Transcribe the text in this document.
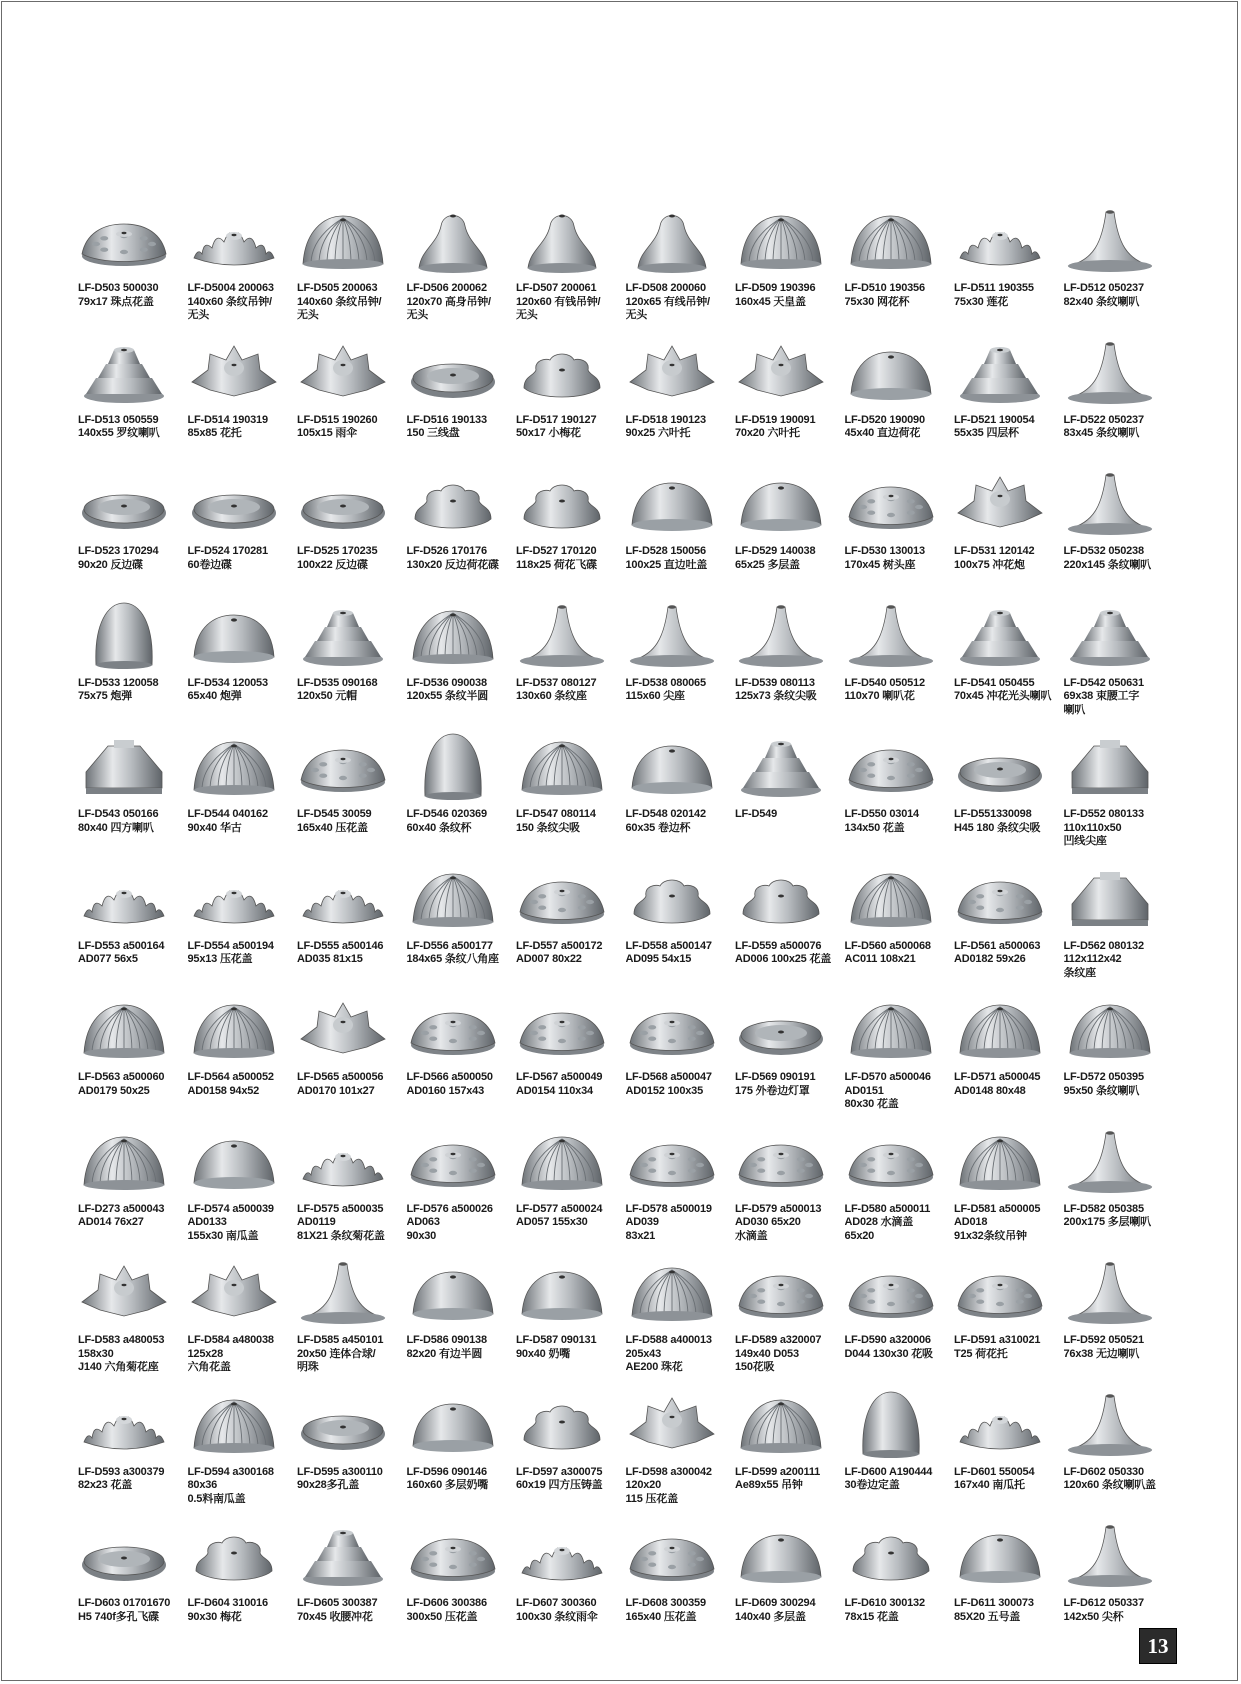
LF-D503 500030
79x17 珠点花盖
LF-D5004 200063
140x60 条纹吊钟/
无头
LF-D505 200063
140x60 条纹吊钟/
无头
LF-D506 200062
120x70 高身吊钟/
无头
LF-D507 200061
120x60 有钱吊钟/
无头
LF-D508 200060
120x65 有线吊钟/
无头
LF-D509 190396
160x45 天皇盖
LF-D510 190356
75x30 网花杯
LF-D511 190355
75x30 莲花
LF-D512 050237
82x40 条纹喇叭
LF-D513 050559
140x55 罗纹喇叭
LF-D514 190319
85x85 花托
LF-D515 190260
105x15 雨伞
LF-D516 190133
150 三线盘
LF-D517 190127
50x17 小梅花
LF-D518 190123
90x25 六叶托
LF-D519 190091
70x20 六叶托
LF-D520 190090
45x40 直边荷花
LF-D521 190054
55x35 四层杯
LF-D522 050237
83x45 条纹喇叭
LF-D523 170294
90x20 反边碟
LF-D524 170281
60卷边碟
LF-D525 170235
100x22 反边碟
LF-D526 170176
130x20 反边荷花碟
LF-D527 170120
118x25 荷花飞碟
LF-D528 150056
100x25 直边吐盖
LF-D529 140038
65x25 多层盖
LF-D530 130013
170x45 树头座
LF-D531 120142
100x75 冲花炮
LF-D532 050238
220x145 条纹喇叭
LF-D533 120058
75x75 炮弹
LF-D534 120053
65x40 炮弹
LF-D535 090168
120x50 元帽
LF-D536 090038
120x55 条纹半圆
LF-D537 080127
130x60 条纹座
LF-D538 080065
115x60 尖座
LF-D539 080113
125x73 条纹尖吸
LF-D540 050512
110x70 喇叭花
LF-D541 050455
70x45 冲花光头喇叭
LF-D542 050631
69x38 束腰工字
喇叭
LF-D543 050166
80x40 四方喇叭
LF-D544 040162
90x40 华古
LF-D545 30059
165x40 压花盖
LF-D546 020369
60x40 条纹杯
LF-D547 080114
150 条纹尖吸
LF-D548 020142
60x35 卷边杯
LF-D549	LF-D550 03014
134x50 花盖
LF-D551330098
H45 180 条纹尖吸
LF-D552 080133
110x110x50
凹线尖座
LF-D553 a500164
AD077 56x5
LF-D554 a500194
95x13 压花盖
LF-D555 a500146
AD035 81x15
LF-D556 a500177
184x65 条纹八角座
LF-D557 a500172
AD007 80x22
LF-D558 a500147
AD095 54x15
LF-D559 a500076
AD006 100x25 花盖
LF-D560 a500068
AC011 108x21
LF-D561 a500063
AD0182 59x26
LF-D562 080132
112x112x42
条纹座
LF-D563 a500060
AD0179 50x25
LF-D564 a500052
AD0158 94x52
LF-D565 a500056
AD0170 101x27
LF-D566 a500050
AD0160 157x43
LF-D567 a500049
AD0154 110x34
LF-D568 a500047
AD0152 100x35
LF-D569 090191
175 外卷边灯罩
LF-D570 a500046
AD0151
80x30 花盖
LF-D571 a500045
AD0148 80x48
LF-D572 050395
95x50 条纹喇叭
LF-D273 a500043
AD014 76x27
LF-D574 a500039
AD0133
155x30 南瓜盖
LF-D575 a500035
AD0119
81X21 条纹菊花盖
LF-D576 a500026
AD063
90x30
LF-D577 a500024
AD057 155x30
LF-D578 a500019
AD039
83x21
LF-D579 a500013
AD030 65x20
水滴盖
LF-D580 a500011
AD028 水滴盖
65x20
LF-D581 a500005
AD018
91x32条纹吊钟
LF-D582 050385
200x175 多层喇叭
LF-D583 a480053
158x30
J140 六角菊花座
LF-D584 a480038
125x28
六角花盖
LF-D585 a450101
20x50 连体合球/
明珠
LF-D586 090138
82x20 有边半圆
LF-D587 090131
90x40 奶嘴
LF-D588 a400013
205x43
AE200 珠花
LF-D589 a320007
149x40 D053
150花吸
LF-D590 a320006
D044 130x30 花吸
LF-D591 a310021
T25 荷花托
LF-D592 050521
76x38 无边喇叭
LF-D593 a300379
82x23 花盖
LF-D594 a300168
80x36
0.5料南瓜盖
LF-D595 a300110
90x28多孔盖
LF-D596 090146
160x60 多层奶嘴
LF-D597 a300075
60x19 四方压铸盖
LF-D598 a300042
120x20
115 压花盖
LF-D599 a200111
Ae89x55 吊钟
LF-D600 A190444
30卷边定盖
LF-D601 550054
167x40 南瓜托
LF-D602 050330
120x60 条纹喇叭盖
LF-D603 01701670
H5 740f多孔飞碟
LF-D604 310016
90x30 梅花
LF-D605 300387
70x45 收腰冲花
LF-D606 300386
300x50 压花盖
LF-D607 300360
100x30 条纹雨伞
LF-D608 300359
165x40 压花盖
LF-D609 300294
140x40 多层盖
LF-D610 300132
78x15 花盖
LF-D611 300073
85X20 五号盖
LF-D612 050337
142x50 尖杯
13
